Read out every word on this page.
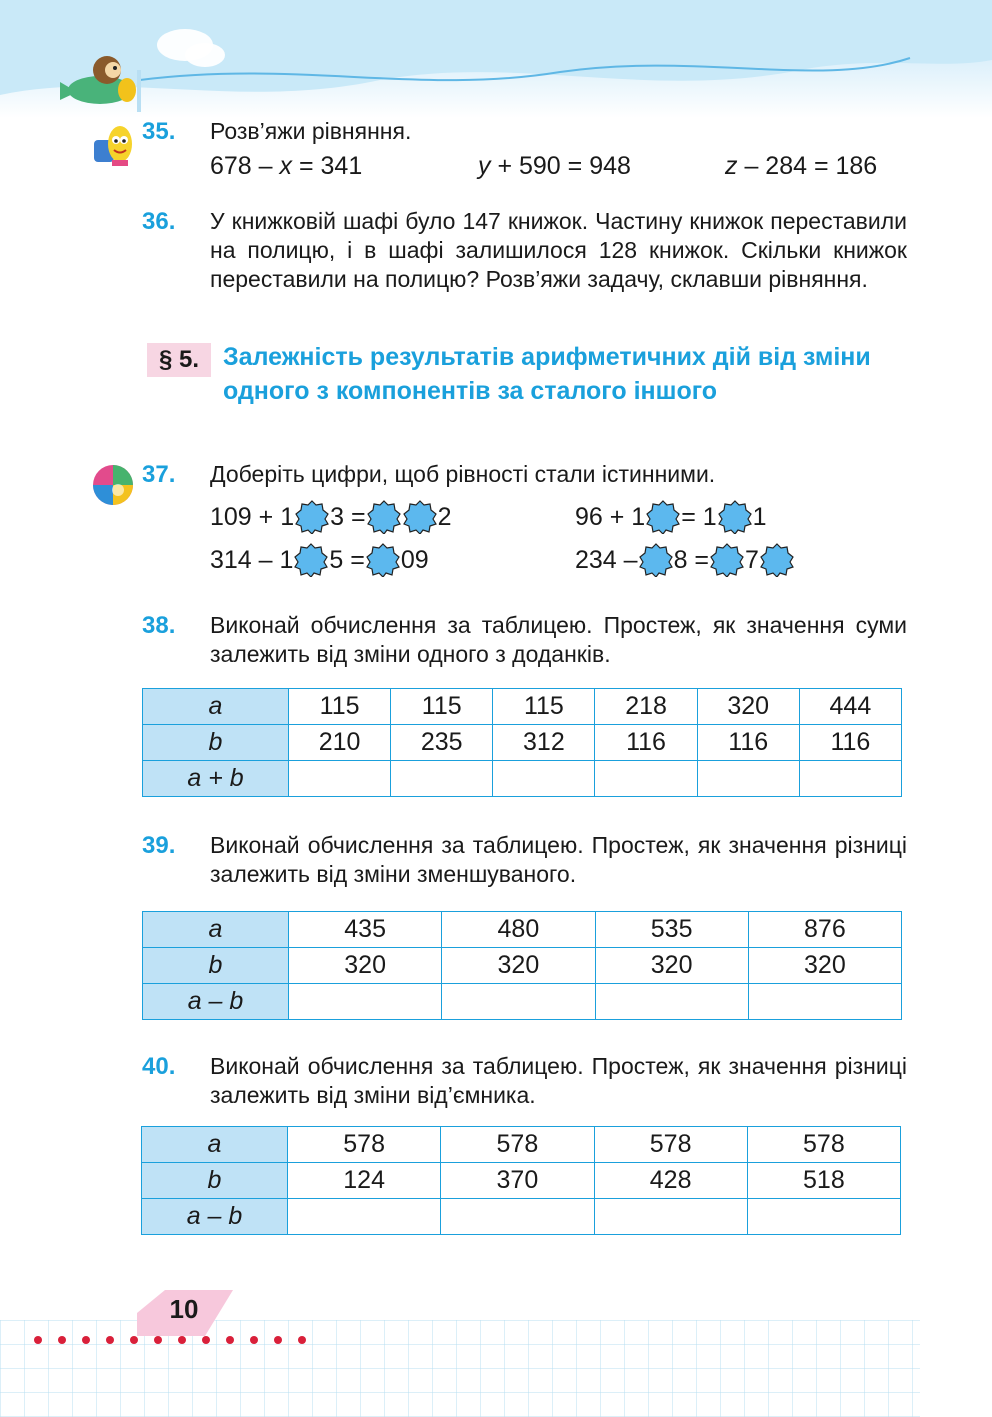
35. Розв’яжи рівняння.
678 – x = 341	y + 590 = 948	z – 284 = 186
36. У книжковій шафі було 147 книжок. Частину книжок переставили на полицю, і в шафі залишилося 128 книжок. Скільки книжок переставили на полицю? Розв’яжи задачу, склавши рівняння.
§ 5. Залежність результатів арифметичних дій від зміни одного з компонентів за сталого іншого
37. Доберіть цифри, щоб рівності стали істинними.
109 + 1 3 =	2	96 + 1 = 1 1
314 – 1 5 = 09	234 – 8 = 7
38. Виконай обчислення за таблицею. Простеж, як значення суми залежить від зміни одного з доданків.
a	115	115	115	218	320	444
b	210	235	312	116	116	116
a + b						
39. Виконай обчислення за таблицею. Простеж, як значення різниці залежить від зміни зменшуваного.
a	435	480	535	876
b	320	320	320	320
a – b				
40. Виконай обчислення за таблицею. Простеж, як значення різниці залежить від зміни від’ємника.
a	578	578	578	578
b	124	370	428	518
a – b				
10
